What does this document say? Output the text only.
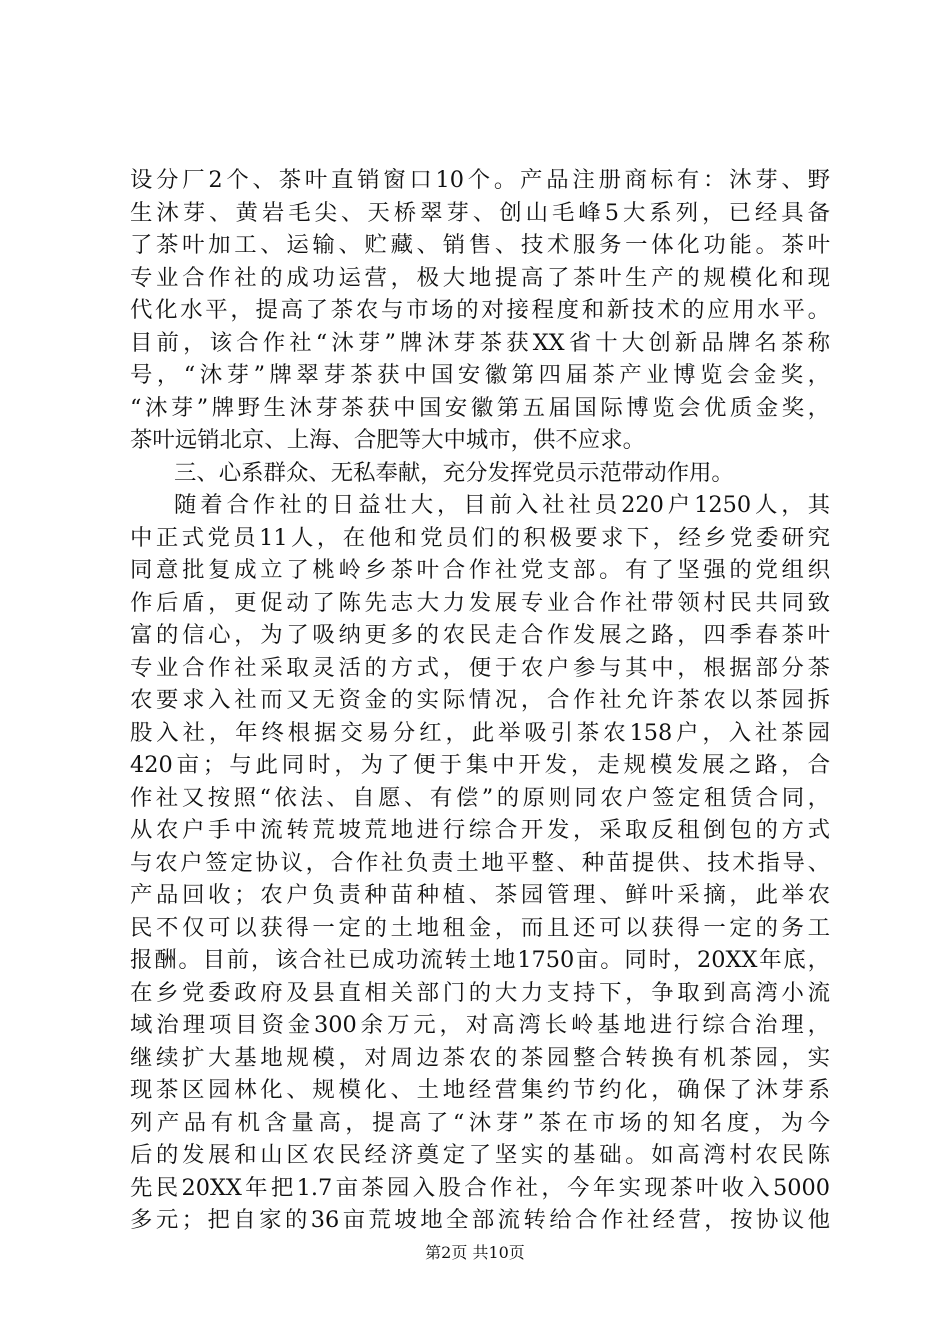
设分厂2个、茶叶直销窗口10个。产品注册商标有：沐芽、野
生沐芽、黄岩毛尖、天桥翠芽、创山毛峰5大系列，已经具备
了茶叶加工、运输、贮藏、销售、技术服务一体化功能。茶叶
专业合作社的成功运营，极大地提高了茶叶生产的规模化和现
代化水平，提高了茶农与市场的对接程度和新技术的应用水平。
目前，该合作社“沐芽”牌沐芽茶获XX省十大创新品牌名茶称
号，“沐芽”牌翠芽茶获中国安徽第四届茶产业博览会金奖，
“沐芽”牌野生沐芽茶获中国安徽第五届国际博览会优质金奖，
茶叶远销北京、上海、合肥等大中城市，供不应求。
三、心系群众、无私奉献，充分发挥党员示范带动作用。
随着合作社的日益壮大，目前入社社员220户1250人，其
中正式党员11人，在他和党员们的积极要求下，经乡党委研究
同意批复成立了桃岭乡茶叶合作社党支部。有了坚强的党组织
作后盾，更促动了陈先志大力发展专业合作社带领村民共同致
富的信心，为了吸纳更多的农民走合作发展之路，四季春茶叶
专业合作社采取灵活的方式，便于农户参与其中，根据部分茶
农要求入社而又无资金的实际情况，合作社允许茶农以茶园拆
股入社，年终根据交易分红，此举吸引茶农158户，入社茶园
420亩；与此同时，为了便于集中开发，走规模发展之路，合
作社又按照“依法、自愿、有偿”的原则同农户签定租赁合同，
从农户手中流转荒坡荒地进行综合开发，采取反租倒包的方式
与农户签定协议，合作社负责土地平整、种苗提供、技术指导、
产品回收；农户负责种苗种植、茶园管理、鲜叶采摘，此举农
民不仅可以获得一定的土地租金，而且还可以获得一定的务工
报酬。目前，该合社已成功流转土地1750亩。同时，20XX年底，
在乡党委政府及县直相关部门的大力支持下，争取到高湾小流
域治理项目资金300余万元，对高湾长岭基地进行综合治理，
继续扩大基地规模，对周边茶农的茶园整合转换有机茶园，实
现茶区园林化、规模化、土地经营集约节约化，确保了沐芽系
列产品有机含量高，提高了“沐芽”茶在市场的知名度，为今
后的发展和山区农民经济奠定了坚实的基础。如高湾村农民陈
先民20XX年把1.7亩茶园入股合作社，今年实现茶叶收入5000
多元；把自家的36亩荒坡地全部流转给合作社经营，按协议他
第2页 共10页
